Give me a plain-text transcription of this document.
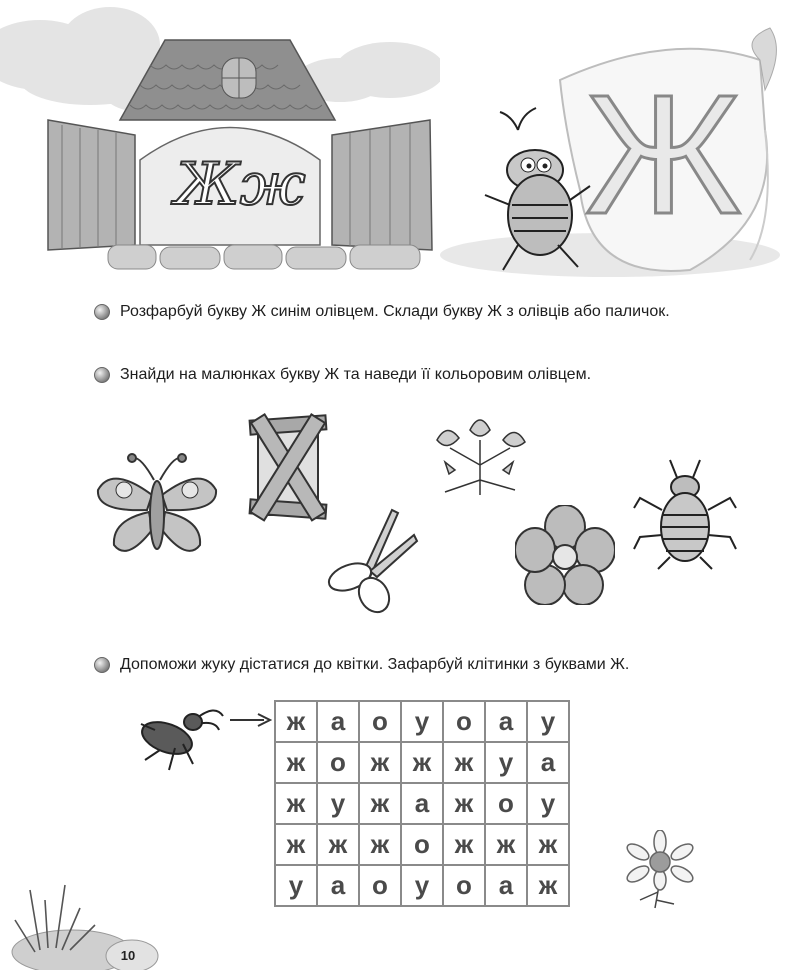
Жж Ж
Розфарбуй букву Ж синім олівцем. Склади букву Ж з олівців або паличок.
Знайди на малюнках букву Ж та наведи її кольоровим олівцем.
Допоможи жуку дістатися до квітки. Зафарбуй клітинки з буквами Ж.
ж а	о	у	о	а	у
ж о ж ж ж у	а
ж у ж а ж о	у
ж ж ж о ж ж ж
у	а	о	у	о	а ж
10
